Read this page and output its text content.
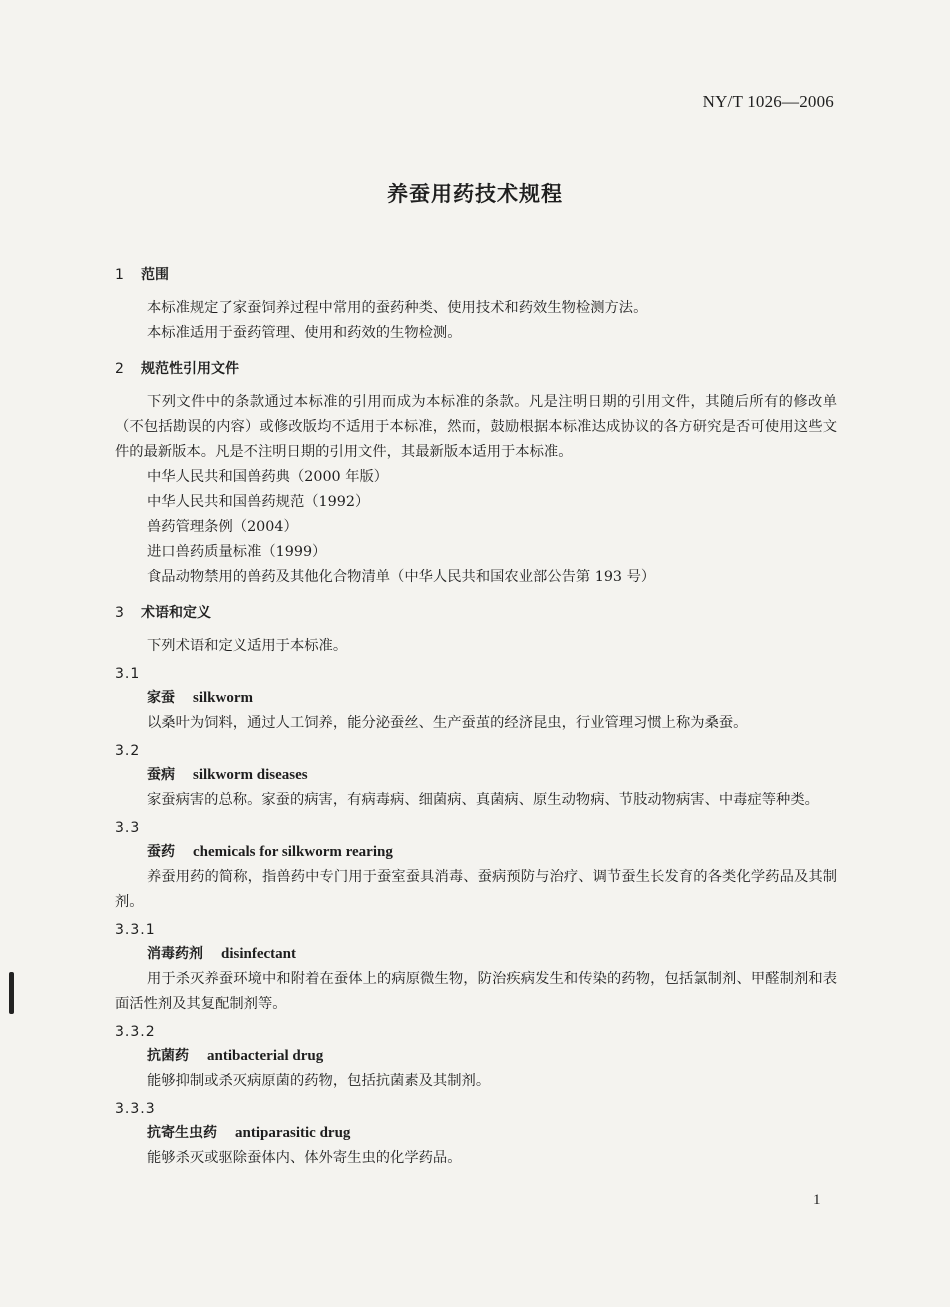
NY/T 1026—2006
养蚕用药技术规程
1 范围

本标准规定了家蚕饲养过程中常用的蚕药种类、使用技术和药效生物检测方法。

本标准适用于蚕药管理、使用和药效的生物检测。

2 规范性引用文件

下列文件中的条款通过本标准的引用而成为本标准的条款。凡是注明日期的引用文件，其随后所有的修改单（不包括勘误的内容）或修改版均不适用于本标准，然而，鼓励根据本标准达成协议的各方研究是否可使用这些文件的最新版本。凡是不注明日期的引用文件，其最新版本适用于本标准。

中华人民共和国兽药典（2000 年版）

中华人民共和国兽药规范（1992）

兽药管理条例（2004）

进口兽药质量标准（1999）

食品动物禁用的兽药及其他化合物清单（中华人民共和国农业部公告第 193 号）

3 术语和定义

下列术语和定义适用于本标准。

3.1

家蚕 silkworm

以桑叶为饲料，通过人工饲养，能分泌蚕丝、生产蚕茧的经济昆虫，行业管理习惯上称为桑蚕。

3.2

蚕病 silkworm diseases

家蚕病害的总称。家蚕的病害，有病毒病、细菌病、真菌病、原生动物病、节肢动物病害、中毒症等种类。

3.3

蚕药 chemicals for silkworm rearing

养蚕用药的简称，指兽药中专门用于蚕室蚕具消毒、蚕病预防与治疗、调节蚕生长发育的各类化学药品及其制剂。

3.3.1

消毒药剂 disinfectant

用于杀灭养蚕环境中和附着在蚕体上的病原微生物，防治疾病发生和传染的药物，包括氯制剂、甲醛制剂和表面活性剂及其复配制剂等。

3.3.2

抗菌药 antibacterial drug

能够抑制或杀灭病原菌的药物，包括抗菌素及其制剂。

3.3.3

抗寄生虫药 antiparasitic drug

能够杀灭或驱除蚕体内、体外寄生虫的化学药品。

1
